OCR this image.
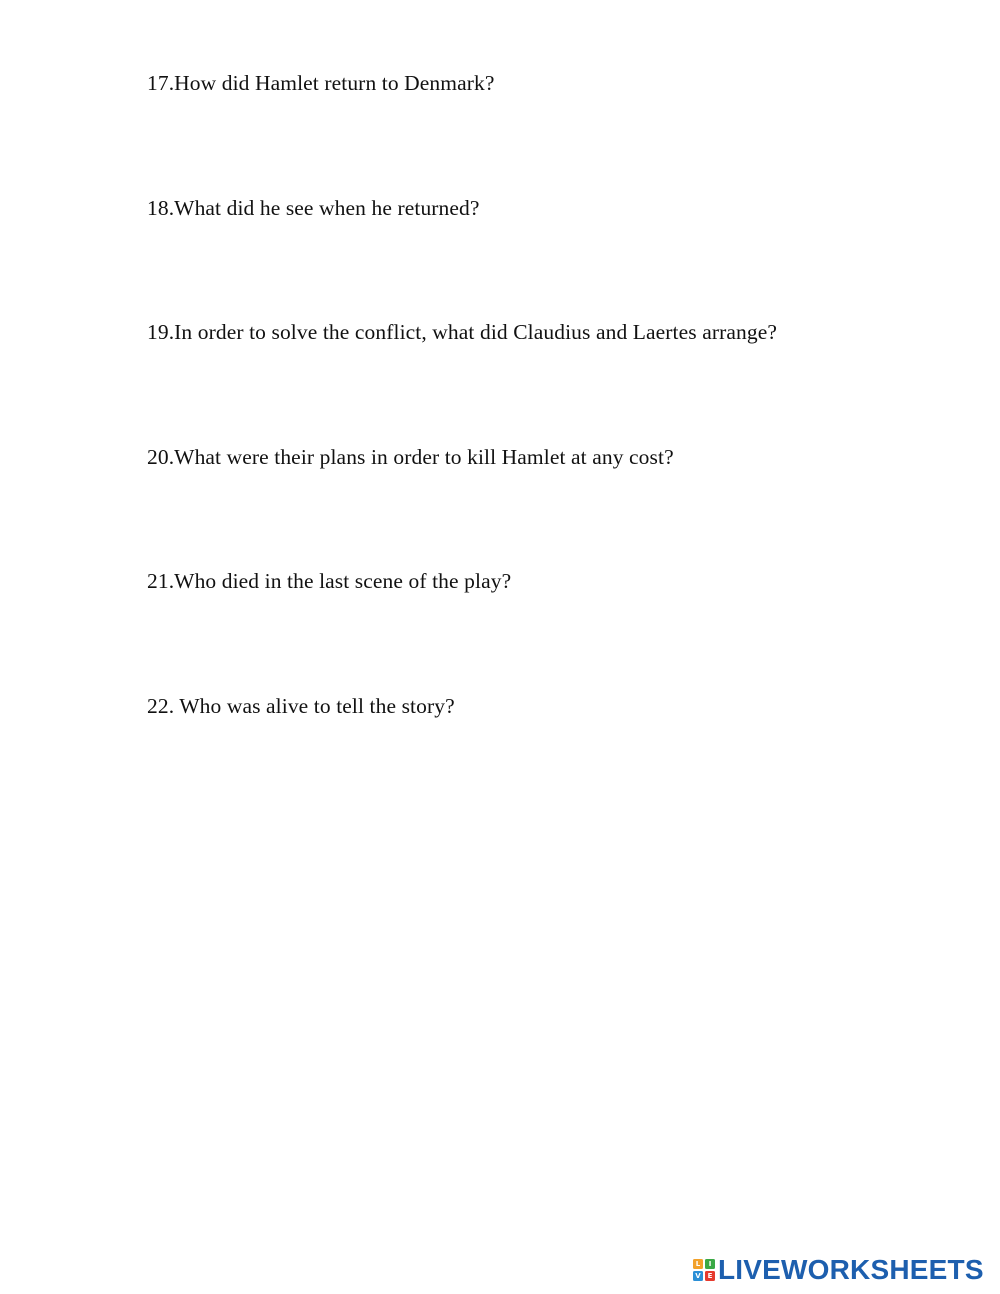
17.How did Hamlet return to Denmark?
18.What did he see when he returned?
19.In order to solve the conflict, what did Claudius and Laertes arrange?
20.What were their plans in order to kill Hamlet at any cost?
21.Who died in the last scene of the play?
22. Who was alive to tell the story?
L	I
V E LIVEWORKSHEETS
